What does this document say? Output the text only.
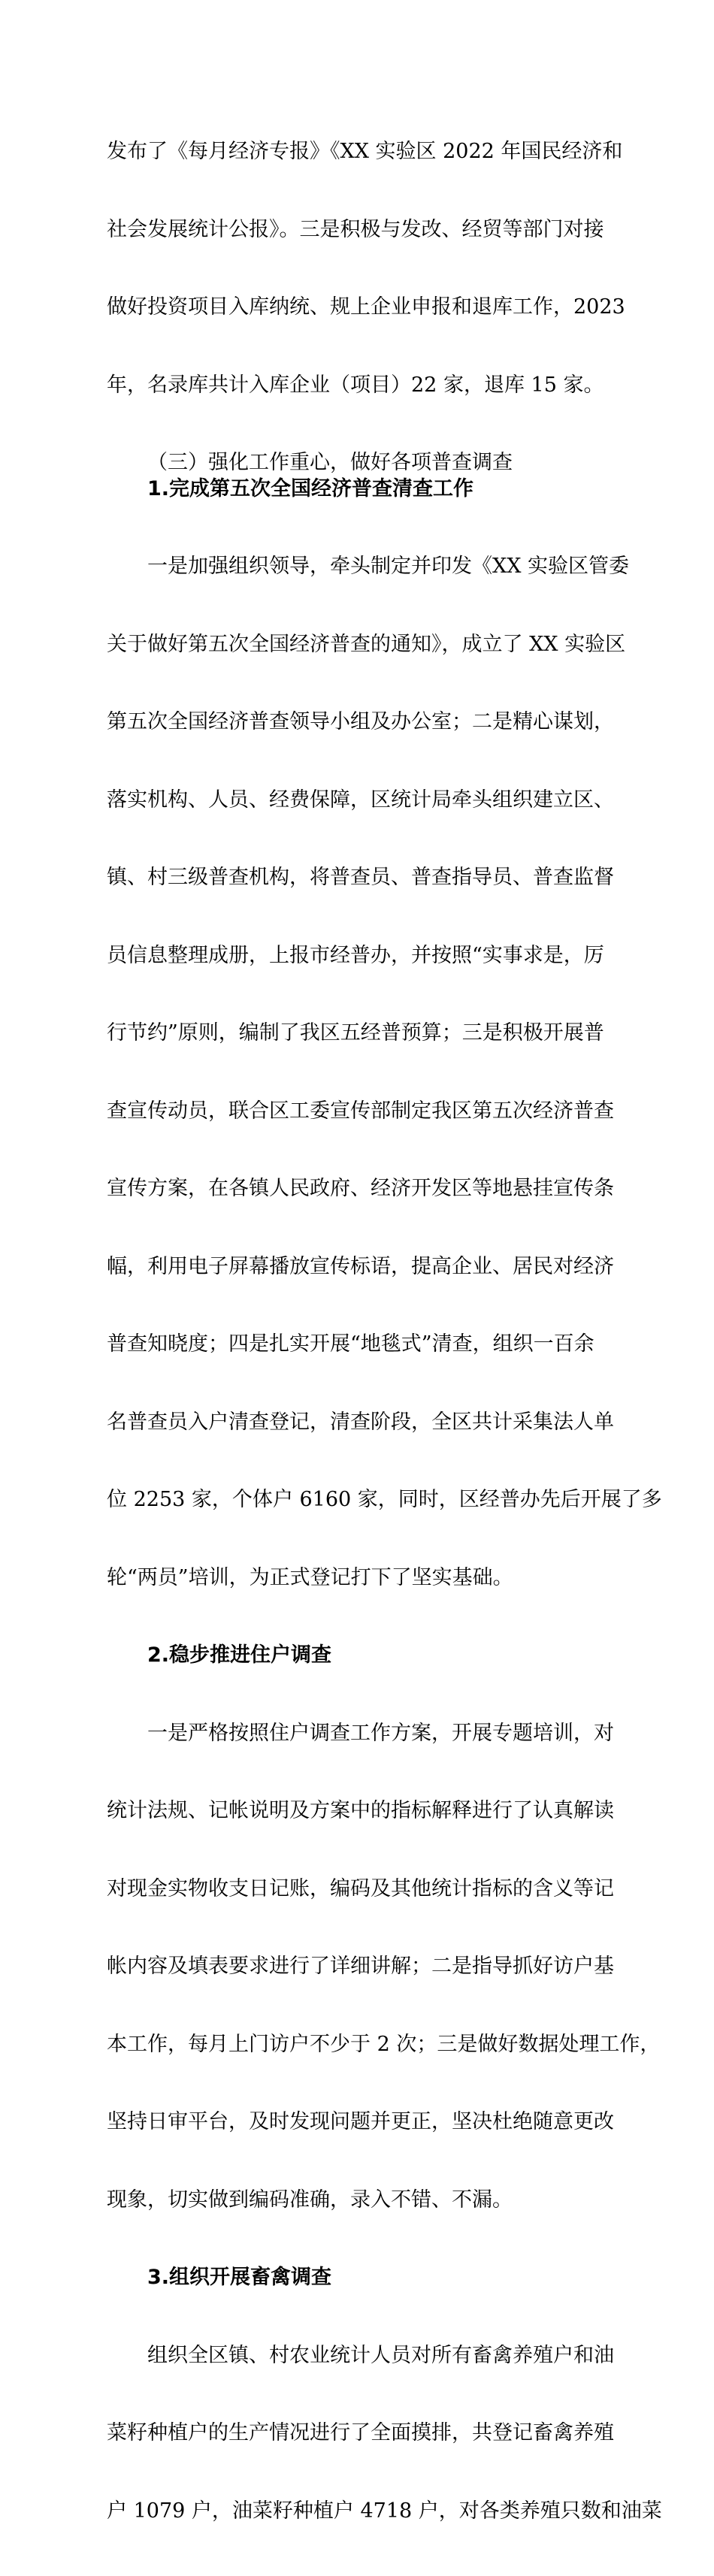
发布了《每月经济专报》《XX 实验区 2022 年国民经济和

社会发展统计公报》。三是积极与发改、经贸等部门对接

做好投资项目入库纳统、规上企业申报和退库工作，2023

年，名录库共计入库企业（项目）22 家，退库 15 家。

（三）强化工作重心，做好各项普查调查
1.完成第五次全国经济普查清查工作

一是加强组织领导，牵头制定并印发《XX 实验区管委

关于做好第五次全国经济普查的通知》，成立了 XX 实验区

第五次全国经济普查领导小组及办公室；二是精心谋划，

落实机构、人员、经费保障，区统计局牵头组织建立区、

镇、村三级普查机构，将普查员、普查指导员、普查监督

员信息整理成册，上报市经普办，并按照“实事求是，厉

行节约”原则，编制了我区五经普预算；三是积极开展普

查宣传动员，联合区工委宣传部制定我区第五次经济普查

宣传方案，在各镇人民政府、经济开发区等地悬挂宣传条

幅，利用电子屏幕播放宣传标语，提高企业、居民对经济

普查知晓度；四是扎实开展“地毯式”清查，组织一百余

名普查员入户清查登记，清查阶段，全区共计采集法人单

位 2253 家，个体户 6160 家，同时，区经普办先后开展了多

轮“两员”培训，为正式登记打下了坚实基础。

2.稳步推进住户调查

一是严格按照住户调查工作方案，开展专题培训，对

统计法规、记帐说明及方案中的指标解释进行了认真解读

对现金实物收支日记账，编码及其他统计指标的含义等记

帐内容及填表要求进行了详细讲解；二是指导抓好访户基

本工作，每月上门访户不少于 2 次；三是做好数据处理工作，

坚持日审平台，及时发现问题并更正，坚决杜绝随意更改

现象，切实做到编码准确，录入不错、不漏。

3.组织开展畜禽调查

组织全区镇、村农业统计人员对所有畜禽养殖户和油

菜籽种植户的生产情况进行了全面摸排，共登记畜禽养殖

户 1079 户，油菜籽种植户 4718 户，对各类养殖只数和油菜
